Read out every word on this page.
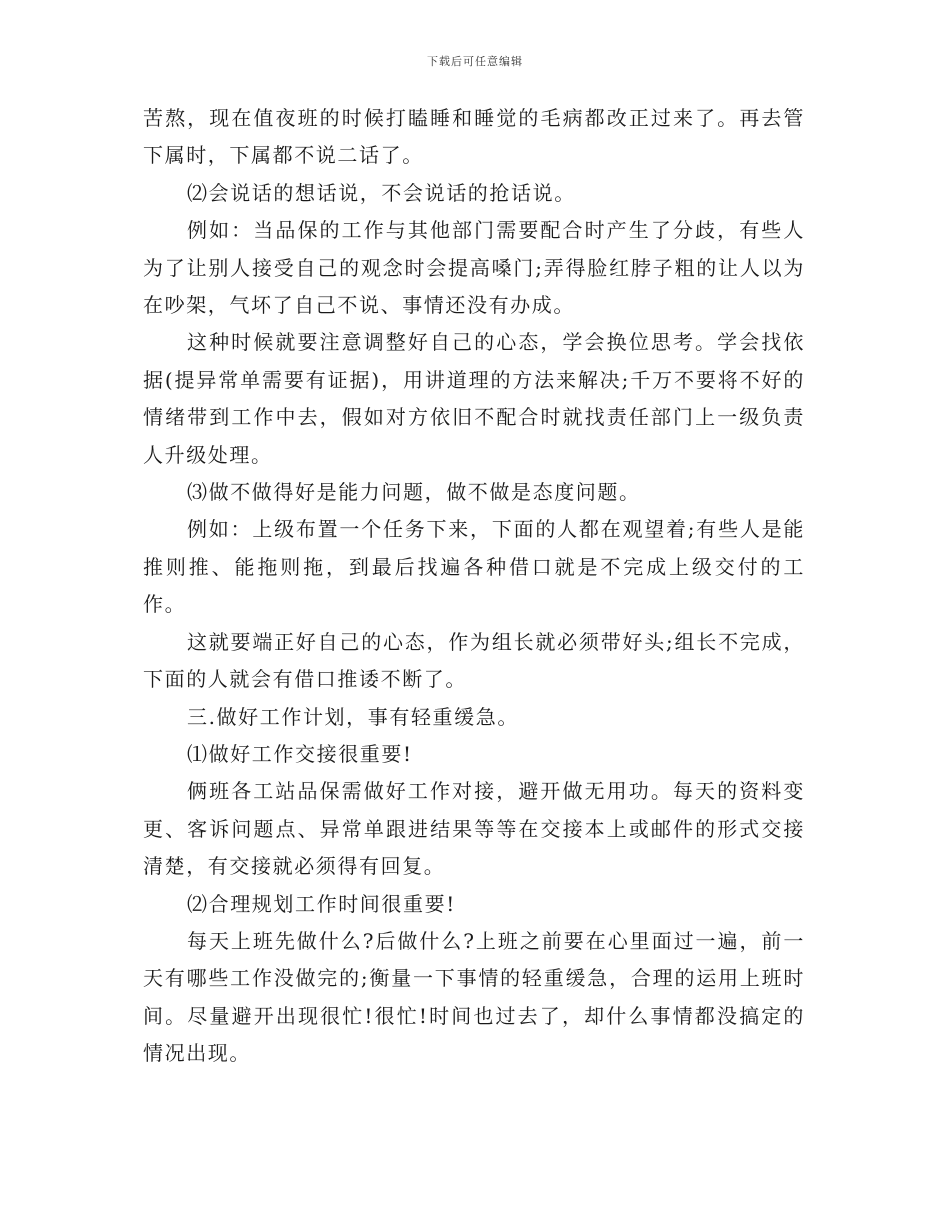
下载后可任意编辑

苦熬，现在值夜班的时候打瞌睡和睡觉的毛病都改正过来了。再去管下属时，下属都不说二话了。

⑵会说话的想话说，不会说话的抢话说。

例如：当品保的工作与其他部门需要配合时产生了分歧，有些人为了让别人接受自己的观念时会提高嗓门;弄得脸红脖子粗的让人以为在吵架，气坏了自己不说、事情还没有办成。

这种时候就要注意调整好自己的心态，学会换位思考。学会找依据(提异常单需要有证据)，用讲道理的方法来解决;千万不要将不好的情绪带到工作中去，假如对方依旧不配合时就找责任部门上一级负责人升级处理。

⑶做不做得好是能力问题，做不做是态度问题。

例如：上级布置一个任务下来，下面的人都在观望着;有些人是能推则推、能拖则拖，到最后找遍各种借口就是不完成上级交付的工作。

这就要端正好自己的心态，作为组长就必须带好头;组长不完成，下面的人就会有借口推诿不断了。

三.做好工作计划，事有轻重缓急。

⑴做好工作交接很重要!

俩班各工站品保需做好工作对接，避开做无用功。每天的资料变更、客诉问题点、异常单跟进结果等等在交接本上或邮件的形式交接清楚，有交接就必须得有回复。

⑵合理规划工作时间很重要!

每天上班先做什么?后做什么?上班之前要在心里面过一遍，前一天有哪些工作没做完的;衡量一下事情的轻重缓急，合理的运用上班时间。尽量避开出现很忙!很忙!时间也过去了，却什么事情都没搞定的情况出现。
